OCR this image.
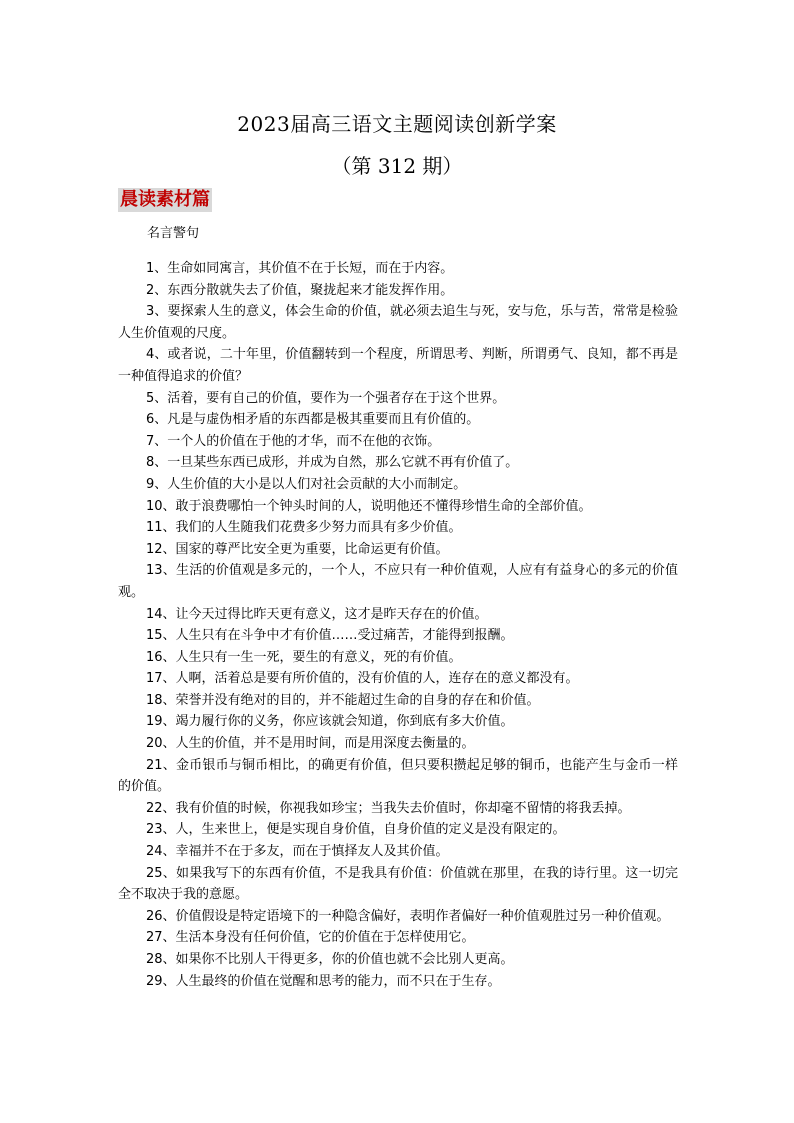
2023届高三语文主题阅读创新学案
（第 312 期）
晨读素材篇
名言警句

1、生命如同寓言，其价值不在于长短，而在于内容。

2、东西分散就失去了价值，聚拢起来才能发挥作用。

3、要探索人生的意义，体会生命的价值，就必须去追生与死，安与危，乐与苦，常常是检验人生价值观的尺度。

4、或者说，二十年里，价值翻转到一个程度，所谓思考、判断，所谓勇气、良知，都不再是一种值得追求的价值？

5、活着，要有自己的价值，要作为一个强者存在于这个世界。

6、凡是与虚伪相矛盾的东西都是极其重要而且有价值的。

7、一个人的价值在于他的才华，而不在他的衣饰。

8、一旦某些东西已成形，并成为自然，那么它就不再有价值了。

9、人生价值的大小是以人们对社会贡献的大小而制定。

10、敢于浪费哪怕一个钟头时间的人，说明他还不懂得珍惜生命的全部价值。

11、我们的人生随我们花费多少努力而具有多少价值。

12、国家的尊严比安全更为重要，比命运更有价值。

13、生活的价值观是多元的，一个人，不应只有一种价值观，人应有有益身心的多元的价值观。

14、让今天过得比昨天更有意义，这才是昨天存在的价值。

15、人生只有在斗争中才有价值……受过痛苦，才能得到报酬。

16、人生只有一生一死，要生的有意义，死的有价值。

17、人啊，活着总是要有所价值的，没有价值的人，连存在的意义都没有。

18、荣誉并没有绝对的目的，并不能超过生命的自身的存在和价值。

19、竭力履行你的义务，你应该就会知道，你到底有多大价值。

20、人生的价值，并不是用时间，而是用深度去衡量的。

21、金币银币与铜币相比，的确更有价值，但只要积攒起足够的铜币，也能产生与金币一样的价值。

22、我有价值的时候，你视我如珍宝；当我失去价值时，你却毫不留情的将我丢掉。

23、人，生来世上，便是实现自身价值，自身价值的定义是没有限定的。

24、幸福并不在于多友，而在于慎择友人及其价值。

25、如果我写下的东西有价值，不是我具有价值：价值就在那里，在我的诗行里。这一切完全不取决于我的意愿。

26、价值假设是特定语境下的一种隐含偏好，表明作者偏好一种价值观胜过另一种价值观。

27、生活本身没有任何价值，它的价值在于怎样使用它。

28、如果你不比别人干得更多，你的价值也就不会比别人更高。

29、人生最终的价值在觉醒和思考的能力，而不只在于生存。
